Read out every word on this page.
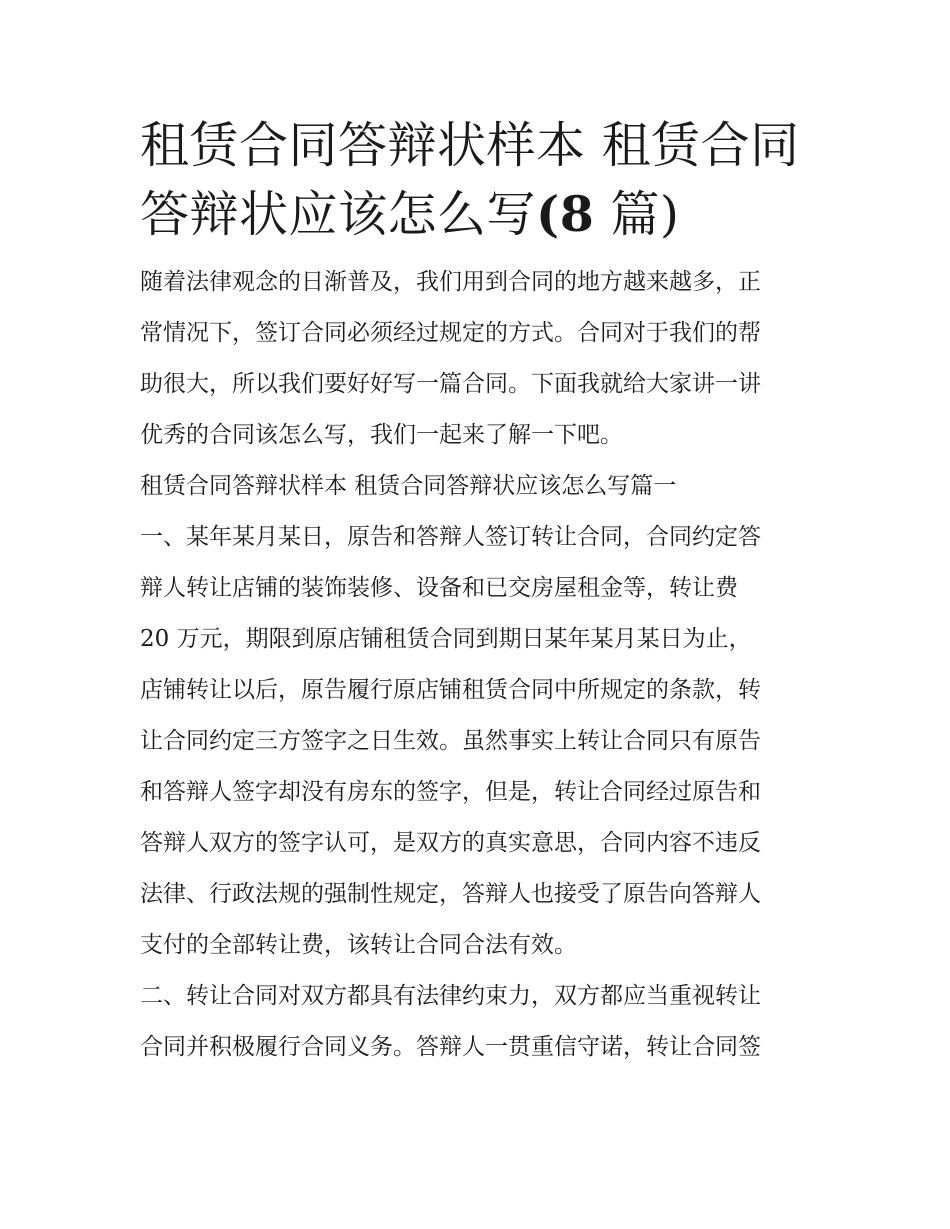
租赁合同答辩状样本 租赁合同
答辩状应该怎么写(8 篇)

随着法律观念的日渐普及，我们用到合同的地方越来越多，正
常情况下，签订合同必须经过规定的方式。合同对于我们的帮
助很大，所以我们要好好写一篇合同。下面我就给大家讲一讲
优秀的合同该怎么写，我们一起来了解一下吧。

租赁合同答辩状样本 租赁合同答辩状应该怎么写篇一

一、某年某月某日，原告和答辩人签订转让合同，合同约定答
辩人转让店铺的装饰装修、设备和已交房屋租金等，转让费
20 万元，期限到原店铺租赁合同到期日某年某月某日为止，
店铺转让以后，原告履行原店铺租赁合同中所规定的条款，转
让合同约定三方签字之日生效。虽然事实上转让合同只有原告
和答辩人签字却没有房东的签字，但是，转让合同经过原告和
答辩人双方的签字认可，是双方的真实意思，合同内容不违反
法律、行政法规的强制性规定，答辩人也接受了原告向答辩人
支付的全部转让费，该转让合同合法有效。

二、转让合同对双方都具有法律约束力，双方都应当重视转让
合同并积极履行合同义务。答辩人一贯重信守诺，转让合同签
